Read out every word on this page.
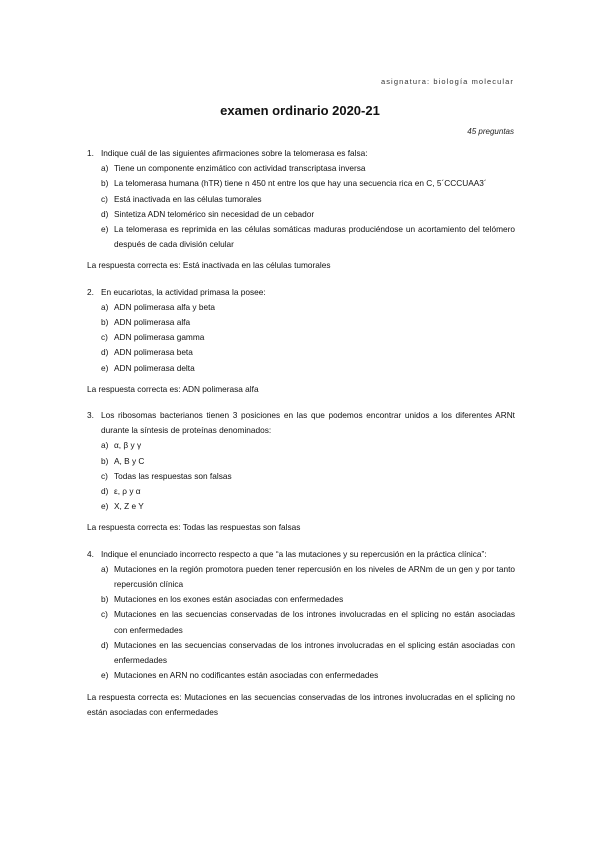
asignatura: biología molecular
examen ordinario 2020-21
45 preguntas
1. Indique cuál de las siguientes afirmaciones sobre la telomerasa es falsa:
a) Tiene un componente enzimático con actividad transcriptasa inversa
b) La telomerasa humana (hTR) tiene n 450 nt entre los que hay una secuencia rica en C, 5´CCCUAA3´
c) Está inactivada en las células tumorales
d) Sintetiza ADN telomérico sin necesidad de un cebador
e) La telomerasa es reprimida en las células somáticas maduras produciéndose un acortamiento del telómero después de cada división celular
La respuesta correcta es: Está inactivada en las células tumorales
2. En eucariotas, la actividad primasa la posee:
a) ADN polimerasa alfa y beta
b) ADN polimerasa alfa
c) ADN polimerasa gamma
d) ADN polimerasa beta
e) ADN polimerasa delta
La respuesta correcta es: ADN polimerasa alfa
3. Los ribosomas bacterianos tienen 3 posiciones en las que podemos encontrar unidos a los diferentes ARNt durante la síntesis de proteínas denominados:
a) α, β y γ
b) A, B y C
c) Todas las respuestas son falsas
d) ε, ρ y α
e) X, Z e Y
La respuesta correcta es: Todas las respuestas son falsas
4. Indique el enunciado incorrecto respecto a que “a las mutaciones y su repercusión en la práctica clínica”:
a) Mutaciones en la región promotora pueden tener repercusión en los niveles de ARNm de un gen y por tanto repercusión clínica
b) Mutaciones en los exones están asociadas con enfermedades
c) Mutaciones en las secuencias conservadas de los intrones involucradas en el splicing no están asociadas con enfermedades
d) Mutaciones en las secuencias conservadas de los intrones involucradas en el splicing están asociadas con enfermedades
e) Mutaciones en ARN no codificantes están asociadas con enfermedades
La respuesta correcta es: Mutaciones en las secuencias conservadas de los intrones involucradas en el splicing no están asociadas con enfermedades
